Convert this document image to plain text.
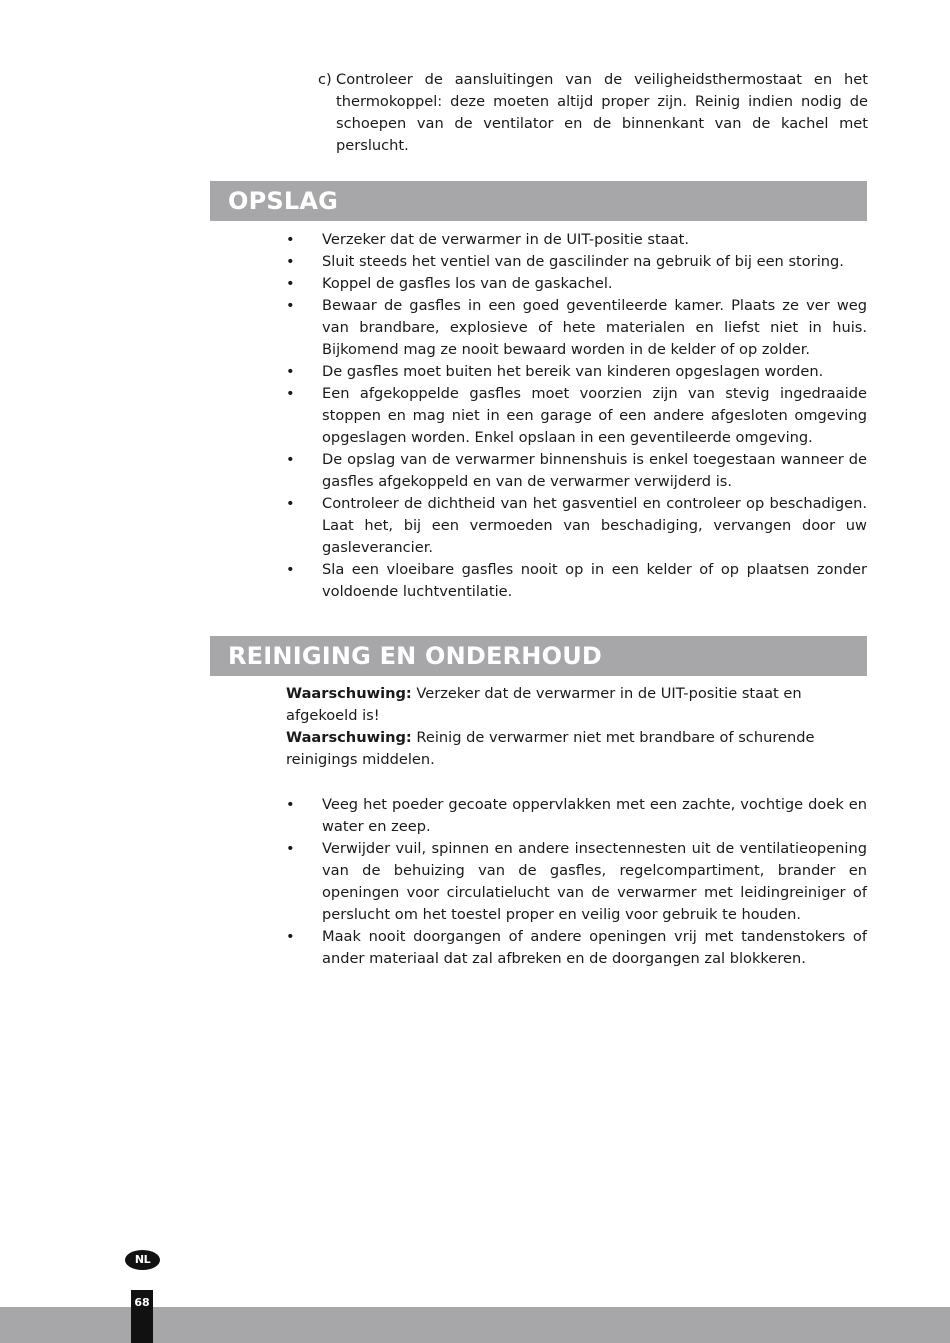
c) Controleer de aansluitingen van de veiligheidsthermostaat en het thermokoppel: deze moeten altijd proper zijn. Reinig indien nodig de schoepen van de ventilator en de binnenkant van de kachel met perslucht.
OPSLAG
• Verzeker dat de verwarmer in de UIT-positie staat.
• Sluit steeds het ventiel van de gascilinder na gebruik of bij een storing.
• Koppel de gasfles los van de gaskachel.
• Bewaar de gasfles in een goed geventileerde kamer. Plaats ze ver weg van brandbare, explosieve of hete materialen en liefst niet in huis. Bijkomend mag ze nooit bewaard worden in de kelder of op zolder.
• De gasfles moet buiten het bereik van kinderen opgeslagen worden.
• Een afgekoppelde gasfles moet voorzien zijn van stevig ingedraaide stoppen en mag niet in een garage of een andere afgesloten omgeving opgeslagen worden. Enkel opslaan in een geventileerde omgeving.
• De opslag van de verwarmer binnenshuis is enkel toegestaan wanneer de gasfles afgekoppeld en van de verwarmer verwijderd is.
• Controleer de dichtheid van het gasventiel en controleer op beschadigen. Laat het, bij een vermoeden van beschadiging, vervangen door uw gasleverancier.
• Sla een vloeibare gasfles nooit op in een kelder of op plaatsen zonder voldoende luchtventilatie.
REINIGING EN ONDERHOUD
Waarschuwing: Verzeker dat de verwarmer in de UIT-positie staat en afgekoeld is!
Waarschuwing: Reinig de verwarmer niet met brandbare of schurende reinigings middelen.
• Veeg het poeder gecoate oppervlakken met een zachte, vochtige doek en water en zeep.
• Verwijder vuil, spinnen en andere insectennesten uit de ventilatieopening van de behuizing van de gasfles, regelcompartiment, brander en openingen voor circulatielucht van de verwarmer met leidingreiniger of perslucht om het toestel proper en veilig voor gebruik te houden.
• Maak nooit doorgangen of andere openingen vrij met tandenstokers of ander materiaal dat zal afbreken en de doorgangen zal blokkeren.
NL
68
